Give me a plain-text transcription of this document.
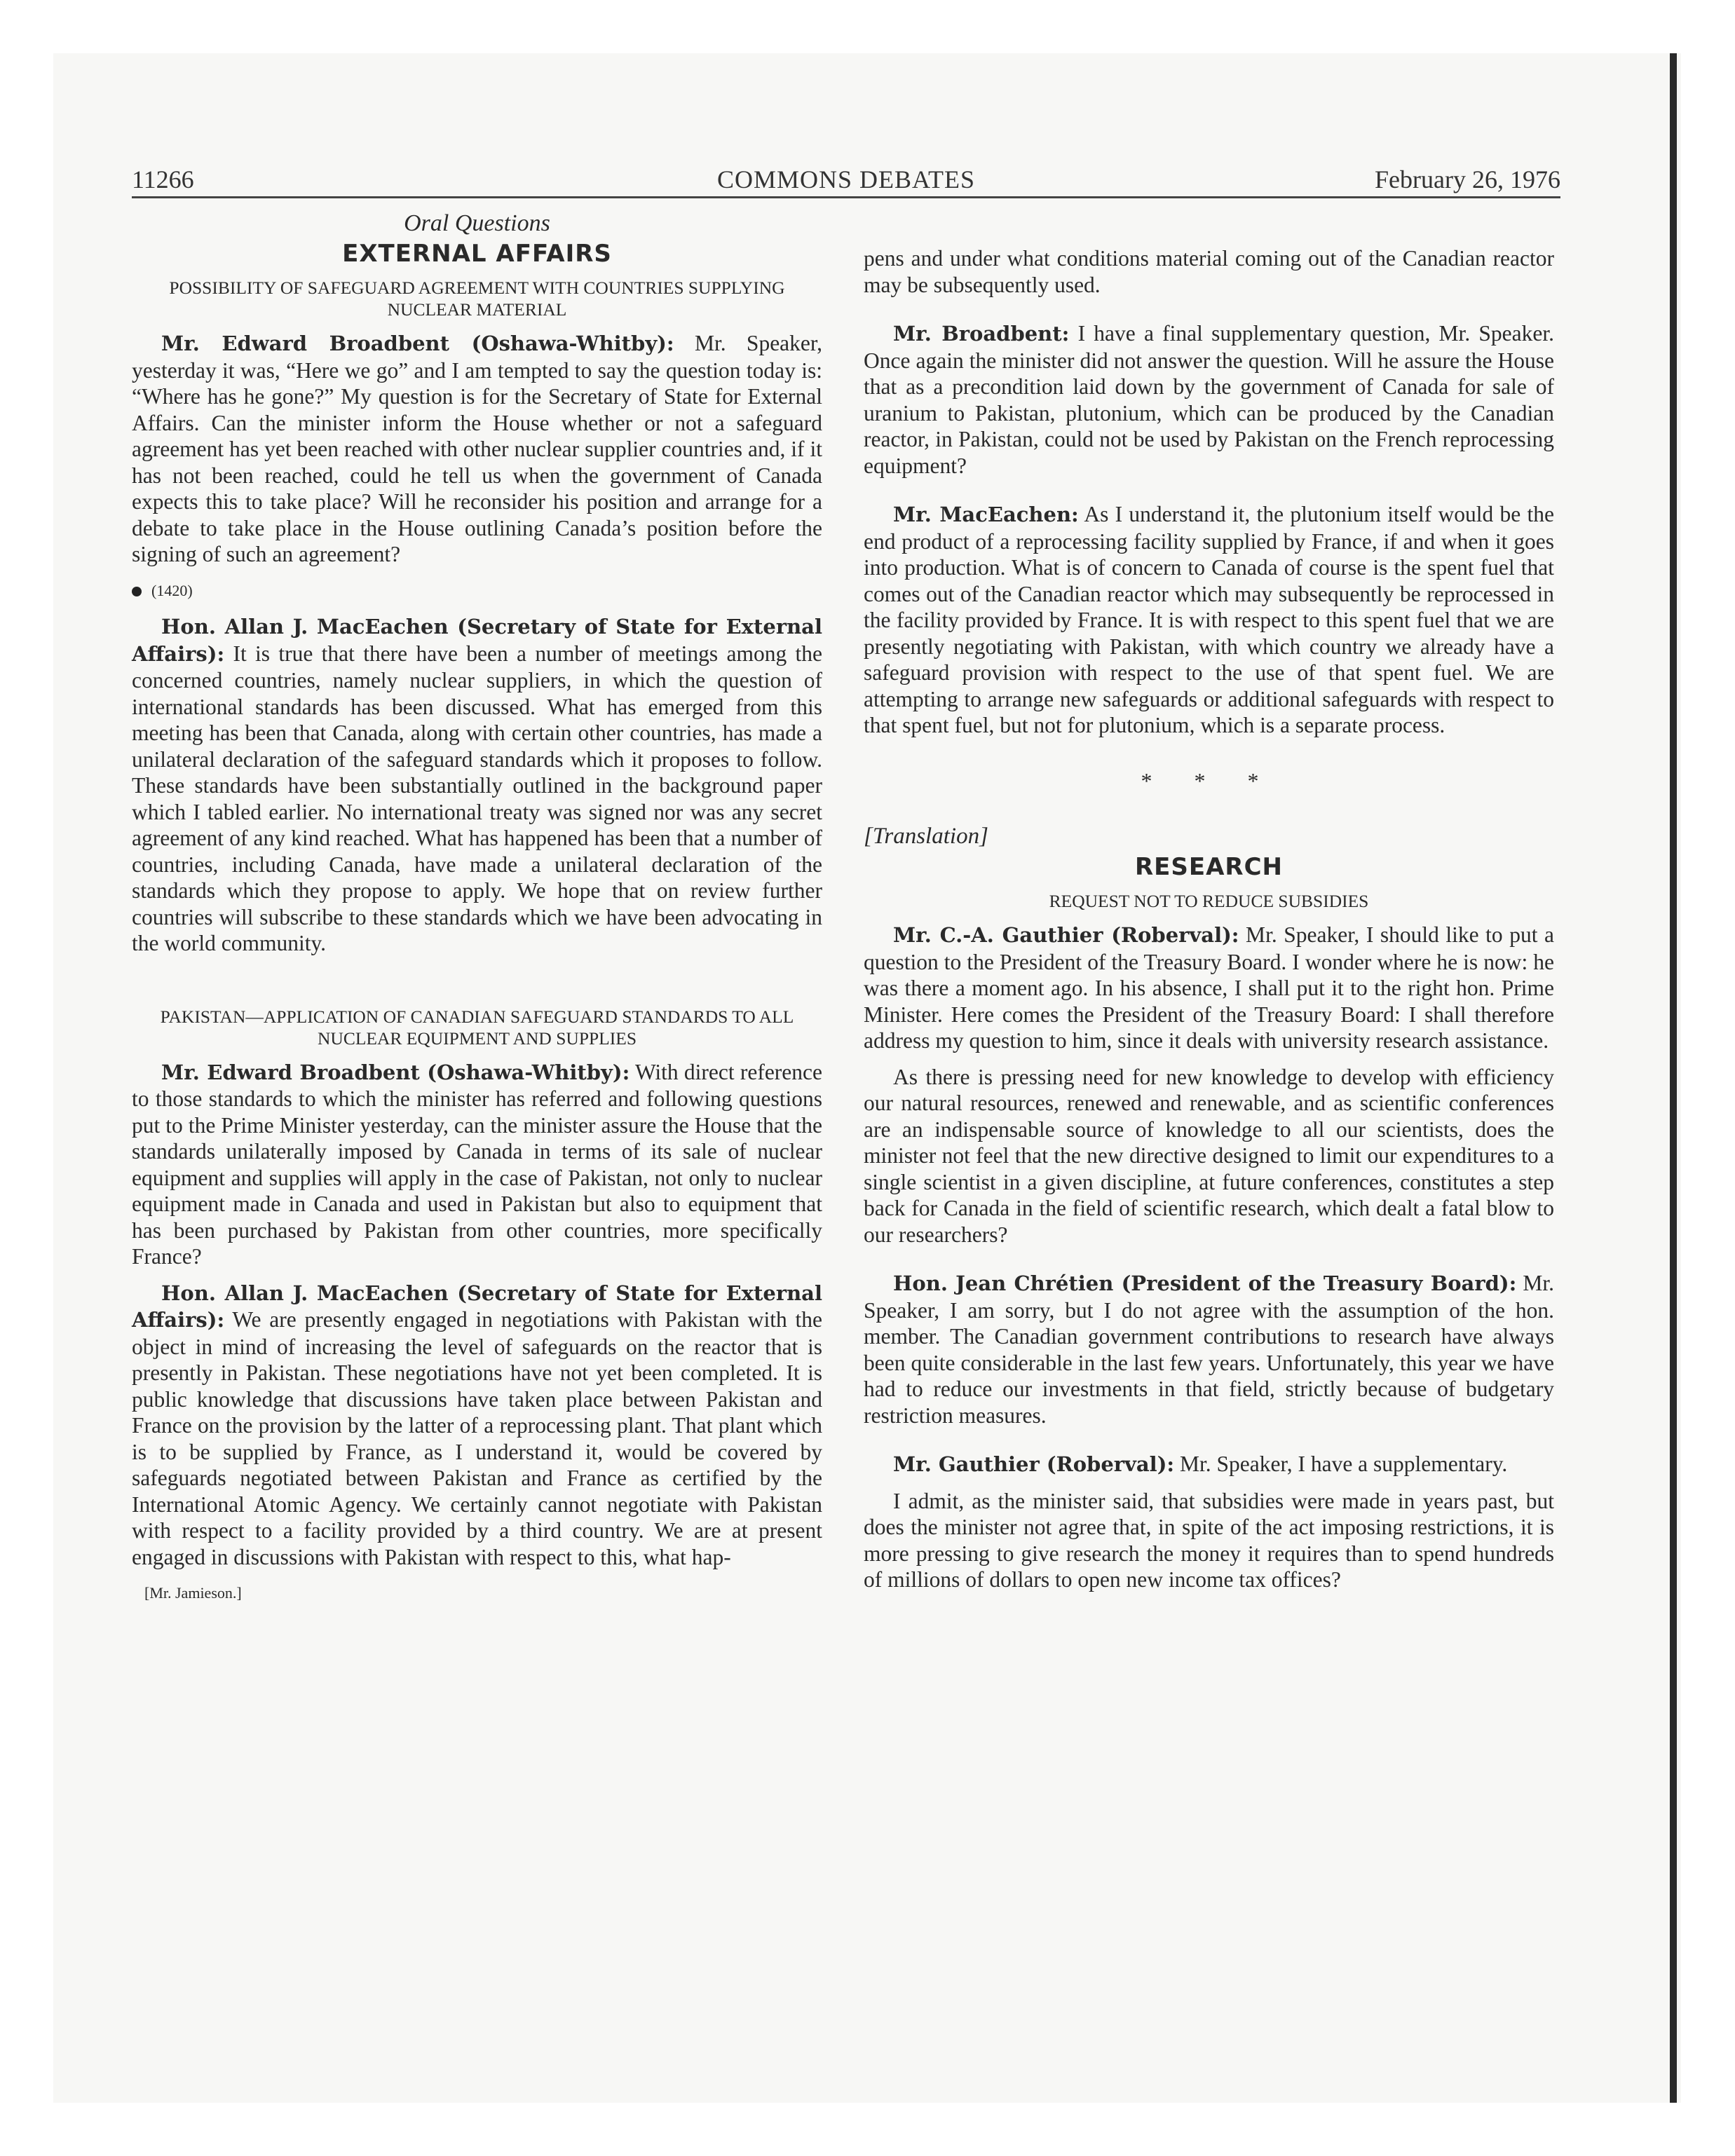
11266	COMMONS DEBATES	February 26, 1976

Oral Questions

EXTERNAL AFFAIRS

POSSIBILITY OF SAFEGUARD AGREEMENT WITH COUNTRIES SUPPLYING NUCLEAR MATERIAL

Mr. Edward Broadbent (Oshawa-Whitby): Mr. Speaker, yesterday it was, “Here we go” and I am tempted to say the question today is: “Where has he gone?” My question is for the Secretary of State for External Affairs. Can the minister inform the House whether or not a safeguard agreement has yet been reached with other nuclear supplier countries and, if it has not been reached, could he tell us when the government of Canada expects this to take place? Will he reconsider his position and arrange for a debate to take place in the House outlining Canada’s position before the signing of such an agreement?

(1420)

Hon. Allan J. MacEachen (Secretary of State for External Affairs): It is true that there have been a number of meetings among the concerned countries, namely nuclear suppliers, in which the question of international standards has been discussed. What has emerged from this meeting has been that Canada, along with certain other countries, has made a unilateral declaration of the safeguard standards which it proposes to follow. These standards have been substantially outlined in the background paper which I tabled earlier. No international treaty was signed nor was any secret agreement of any kind reached. What has happened has been that a number of countries, including Canada, have made a unilateral declaration of the standards which they propose to apply. We hope that on review further countries will subscribe to these standards which we have been advocating in the world community.

PAKISTAN—APPLICATION OF CANADIAN SAFEGUARD STANDARDS TO ALL NUCLEAR EQUIPMENT AND SUPPLIES

Mr. Edward Broadbent (Oshawa-Whitby): With direct reference to those standards to which the minister has referred and following questions put to the Prime Minister yesterday, can the minister assure the House that the standards unilaterally imposed by Canada in terms of its sale of nuclear equipment and supplies will apply in the case of Pakistan, not only to nuclear equipment made in Canada and used in Pakistan but also to equipment that has been purchased by Pakistan from other countries, more specifically France?

Hon. Allan J. MacEachen (Secretary of State for External Affairs): We are presently engaged in negotiations with Pakistan with the object in mind of increasing the level of safeguards on the reactor that is presently in Pakistan. These negotiations have not yet been completed. It is public knowledge that discussions have taken place between Pakistan and France on the provision by the latter of a reprocessing plant. That plant which is to be supplied by France, as I understand it, would be covered by safeguards negotiated between Pakistan and France as certified by the International Atomic Agency. We certainly cannot negotiate with Pakistan with respect to a facility provided by a third country. We are at present engaged in discussions with Pakistan with respect to this, what hap-

[Mr. Jamieson.]

pens and under what conditions material coming out of the Canadian reactor may be subsequently used.

Mr. Broadbent: I have a final supplementary question, Mr. Speaker. Once again the minister did not answer the question. Will he assure the House that as a precondition laid down by the government of Canada for sale of uranium to Pakistan, plutonium, which can be produced by the Canadian reactor, in Pakistan, could not be used by Pakistan on the French reprocessing equipment?

Mr. MacEachen: As I understand it, the plutonium itself would be the end product of a reprocessing facility supplied by France, if and when it goes into production. What is of concern to Canada of course is the spent fuel that comes out of the Canadian reactor which may subsequently be reprocessed in the facility provided by France. It is with respect to this spent fuel that we are presently negotiating with Pakistan, with which country we already have a safeguard provision with respect to the use of that spent fuel. We are attempting to arrange new safeguards or additional safeguards with respect to that spent fuel, but not for plutonium, which is a separate process.

* * *

[Translation]

RESEARCH

REQUEST NOT TO REDUCE SUBSIDIES

Mr. C.-A. Gauthier (Roberval): Mr. Speaker, I should like to put a question to the President of the Treasury Board. I wonder where he is now: he was there a moment ago. In his absence, I shall put it to the right hon. Prime Minister. Here comes the President of the Treasury Board: I shall therefore address my question to him, since it deals with university research assistance.

As there is pressing need for new knowledge to develop with efficiency our natural resources, renewed and renewable, and as scientific conferences are an indispensable source of knowledge to all our scientists, does the minister not feel that the new directive designed to limit our expenditures to a single scientist in a given discipline, at future conferences, constitutes a step back for Canada in the field of scientific research, which dealt a fatal blow to our researchers?

Hon. Jean Chrétien (President of the Treasury Board): Mr. Speaker, I am sorry, but I do not agree with the assumption of the hon. member. The Canadian government contributions to research have always been quite considerable in the last few years. Unfortunately, this year we have had to reduce our investments in that field, strictly because of budgetary restriction measures.

Mr. Gauthier (Roberval): Mr. Speaker, I have a supplementary.

I admit, as the minister said, that subsidies were made in years past, but does the minister not agree that, in spite of the act imposing restrictions, it is more pressing to give research the money it requires than to spend hundreds of millions of dollars to open new income tax offices?
